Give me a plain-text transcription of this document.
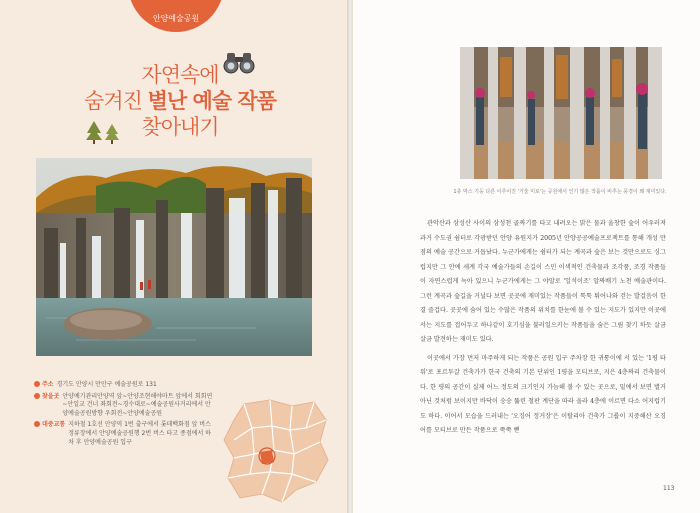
안양예술공원
자연속에
숨겨진 별난 예술 작품
찾아내기
주소 경기도 안양시 만안구 예술공원로 131
찾을곳 안양예기관리안양역 앞~안양조현해야마트 앞에서 회회연~안일교 건너 좌회전~경수대로~예술공원사거리에서 안양예술공원방향 우회전~안양예술공원
대중교통 지하철 1호선 안양역 1번 출구에서 롯데백화점 앞 버스정류장에서 안양예술공원행 2번 버스 타고 종점에서 하차 후 안양예술공원 입구
1층 막스 기둥 다른 이루어진 '거울 미로'는 공원에서 인기 많은 작품이 비추는 풍경이 꽤 재미있다.

관악산과 삼성산 사이의 삼성천 골짜기를 타고 내려오는 맑은 물과 울창한 숲이 어우러져 과거 수도권 쉼터로 각광받던 안양 유원지가 2005년 안양공공예술프로젝트를 통해 개성 만점의 예술 공간으로 거듭났다. 누군가에게는 쉼터가 되는 계곡과 숲은 보는 것만으로도 싱그럽지만 그 안에 세계 각국 예술가들의 손길이 스민 이색적인 건축물과 조각품, 조경 작품들이 자연스럽게 녹아 있으니 누군가에게는 그 야말로 '일석이조' 알짜배기 노천 예술관이다. 그런 계곡과 숲길을 거닐다 보면 곳곳에 재미있는 작품들이 툭툭 튀어나와 걷는 발걸음이 한결 즐겁다. 곳곳에 숨어 있는 수많은 작품의 위치를 한눈에 볼 수 있는 지도가 있지만 이곳에서는 지도를 접어두고 하나같이 호기심을 불러일으키는 작품들을 숨은 그림 찾기 하듯 살금살금 발견하는 재미도 있다.

이곳에서 가장 먼저 마주하게 되는 작품은 공원 입구 주차장 한 귀퉁이에 서 있는 '1평 타워'로 포르투갈 건축가가 한국 건축의 기본 단위인 1평을 모티브로, 지은 4층짜리 건축물이다. 한 평의 공간이 실제 어느 정도의 크기인지 가늠해 볼 수 있는 곳으로, 밑에서 보면 별거 아닌 것처럼 보이지만 바닥이 숭숭 뚫린 철판 계단을 따라 올라 4층에 이르면 다소 어지럽기도 하다. 이어서 모습을 드러내는 '오징어 정거장'은 이탈리아 건축가 그룹이 지중해산 오징어를 모티브로 만든 작품으로 쭉쭉 뻗

113
